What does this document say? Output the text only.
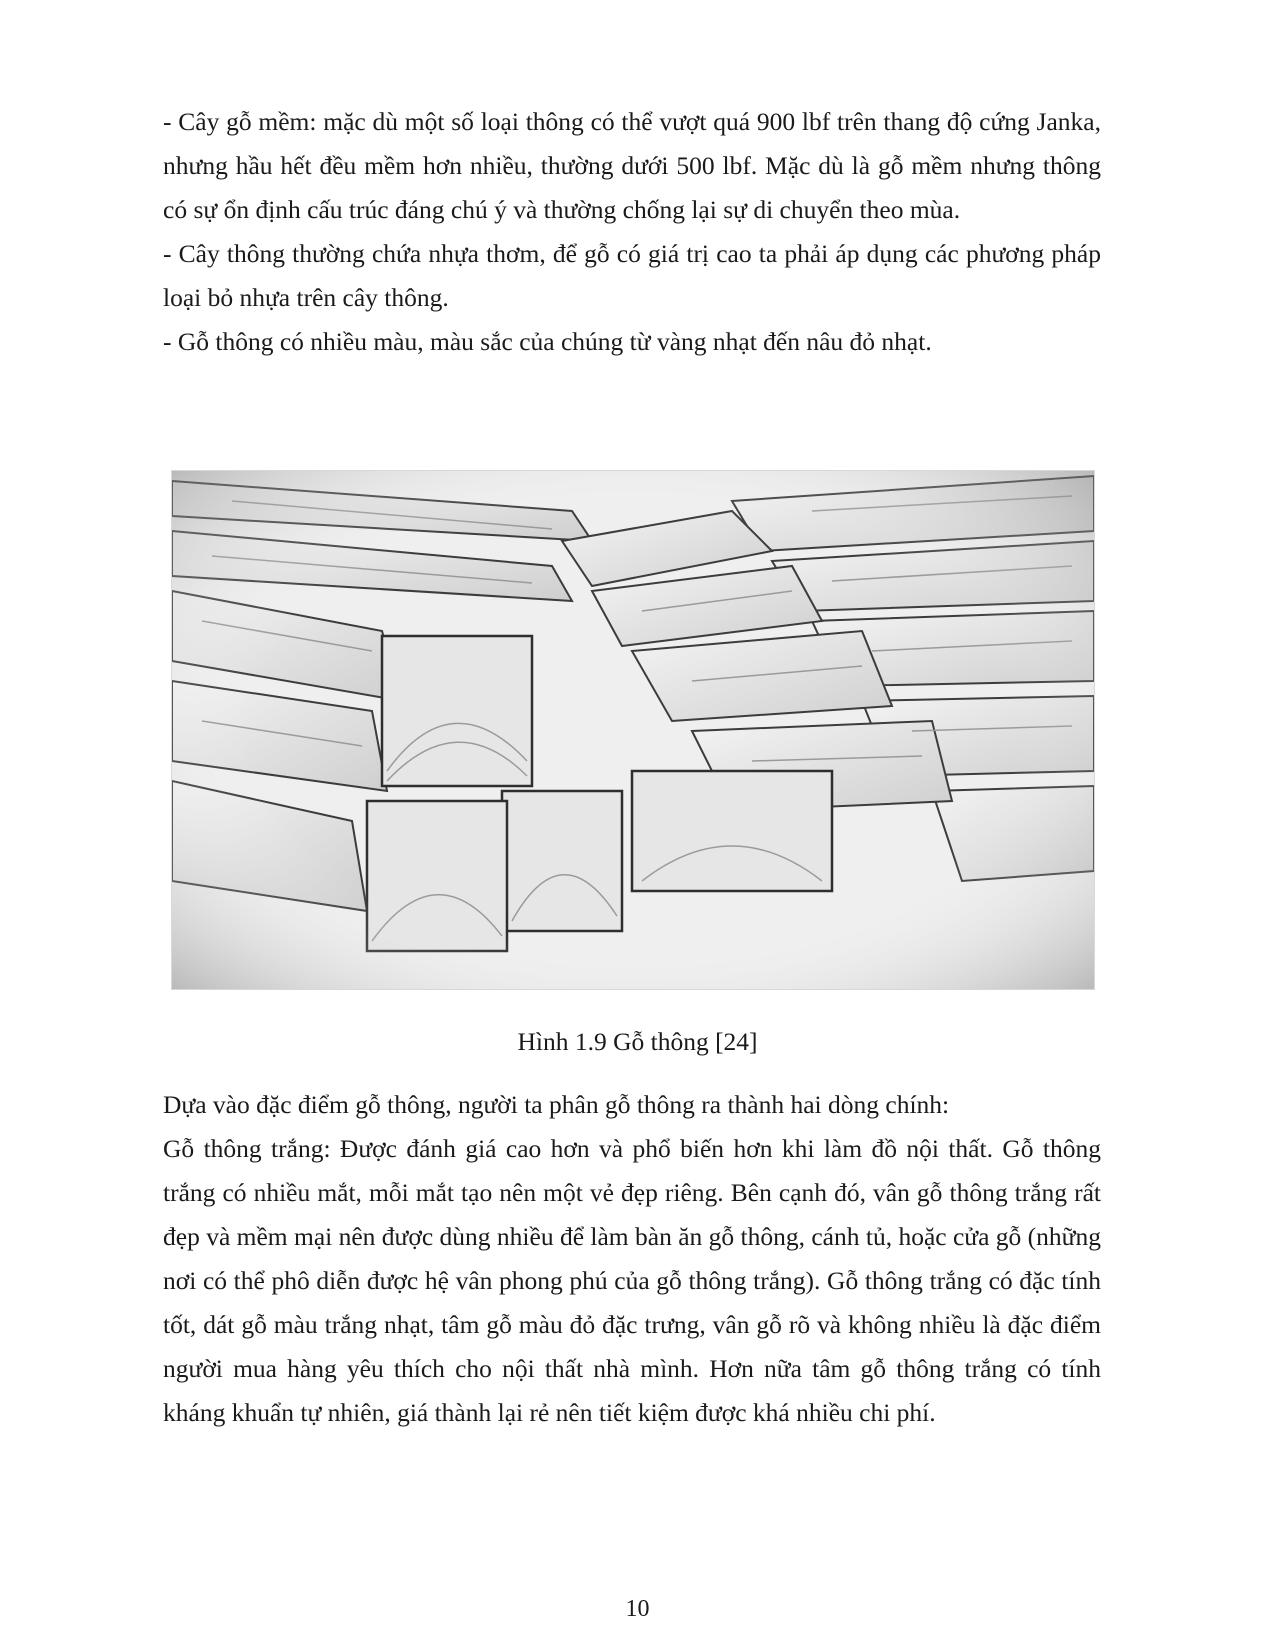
- Cây gỗ mềm: mặc dù một số loại thông có thể vượt quá 900 lbf trên thang độ cứng Janka, nhưng hầu hết đều mềm hơn nhiều, thường dưới 500 lbf. Mặc dù là gỗ mềm nhưng thông có sự ổn định cấu trúc đáng chú ý và thường chống lại sự di chuyển theo mùa.

- Cây thông thường chứa nhựa thơm, để gỗ có giá trị cao ta phải áp dụng các phương pháp loại bỏ nhựa trên cây thông.

- Gỗ thông có nhiều màu, màu sắc của chúng từ vàng nhạt đến nâu đỏ nhạt.

Hình 1.9 Gỗ thông [24]

Dựa vào đặc điểm gỗ thông, người ta phân gỗ thông ra thành hai dòng chính:

Gỗ thông trắng: Được đánh giá cao hơn và phổ biến hơn khi làm đồ nội thất. Gỗ thông trắng có nhiều mắt, mỗi mắt tạo nên một vẻ đẹp riêng. Bên cạnh đó, vân gỗ thông trắng rất đẹp và mềm mại nên được dùng nhiều để làm bàn ăn gỗ thông, cánh tủ, hoặc cửa gỗ (những nơi có thể phô diễn được hệ vân phong phú của gỗ thông trắng). Gỗ thông trắng có đặc tính tốt, dát gỗ màu trắng nhạt, tâm gỗ màu đỏ đặc trưng, vân gỗ rõ và không nhiều là đặc điểm người mua hàng yêu thích cho nội thất nhà mình. Hơn nữa tâm gỗ thông trắng có tính kháng khuẩn tự nhiên, giá thành lại rẻ nên tiết kiệm được khá nhiều chi phí.

10
